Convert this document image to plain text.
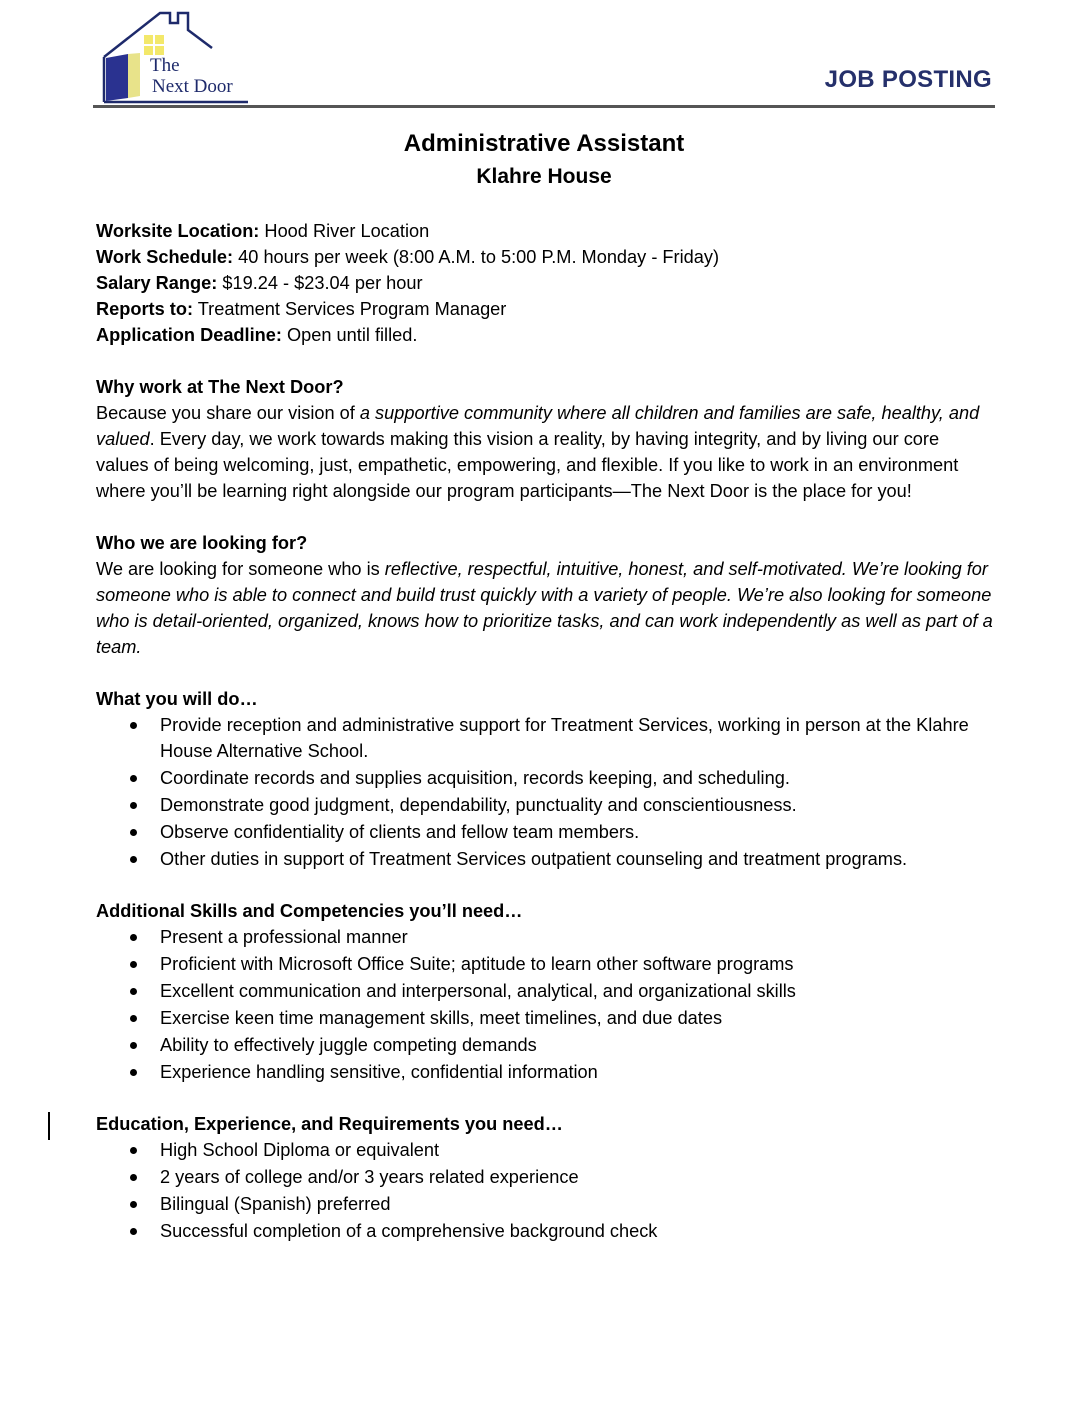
The
Next Door	JOB POSTING
Administrative Assistant
Klahre House

Worksite Location: Hood River Location

Work Schedule: 40 hours per week (8:00 A.M. to 5:00 P.M. Monday - Friday)

Salary Range: $19.24 - $23.04 per hour

Reports to: Treatment Services Program Manager

Application Deadline: Open until filled.

Why work at The Next Door?

Because you share our vision of a supportive community where all children and families are safe, healthy, and valued. Every day, we work towards making this vision a reality, by having integrity, and by living our core values of being welcoming, just, empathetic, empowering, and flexible. If you like to work in an environment where you’ll be learning right alongside our program participants—The Next Door is the place for you!

Who we are looking for?

We are looking for someone who is reflective, respectful, intuitive, honest, and self-motivated. We’re looking for someone who is able to connect and build trust quickly with a variety of people. We’re also looking for someone who is detail-oriented, organized, knows how to prioritize tasks, and can work independently as well as part of a team.

What you will do…

Provide reception and administrative support for Treatment Services, working in person at the Klahre House Alternative School.
Coordinate records and supplies acquisition, records keeping, and scheduling.
Demonstrate good judgment, dependability, punctuality and conscientiousness.
Observe confidentiality of clients and fellow team members.
Other duties in support of Treatment Services outpatient counseling and treatment programs.

Additional Skills and Competencies you’ll need…

Present a professional manner
Proficient with Microsoft Office Suite; aptitude to learn other software programs
Excellent communication and interpersonal, analytical, and organizational skills
Exercise keen time management skills, meet timelines, and due dates
Ability to effectively juggle competing demands
Experience handling sensitive, confidential information

Education, Experience, and Requirements you need…

High School Diploma or equivalent
2 years of college and/or 3 years related experience
Bilingual (Spanish) preferred
Successful completion of a comprehensive background check
